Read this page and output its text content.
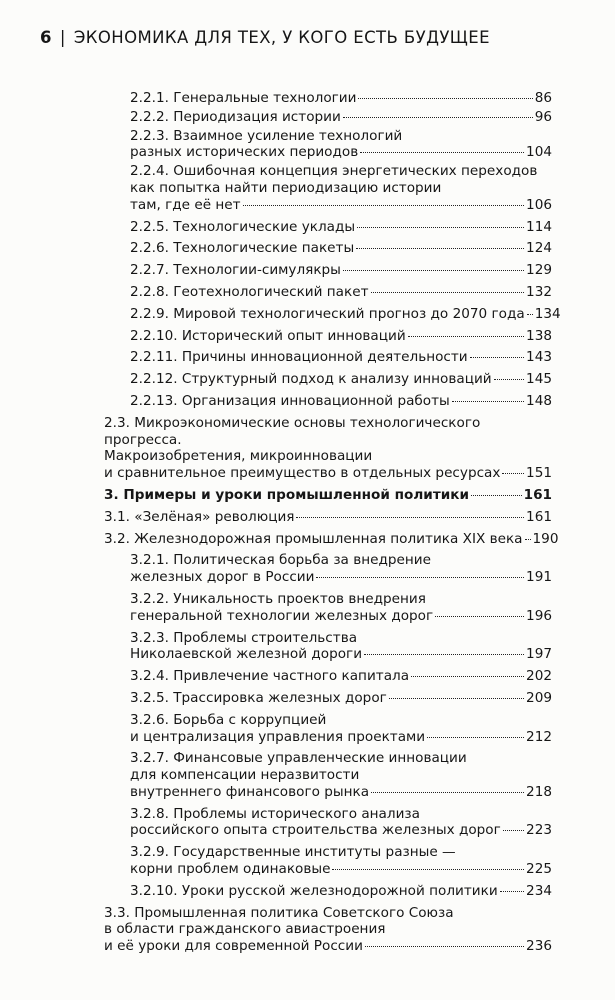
6 | ЭКОНОМИКА ДЛЯ ТЕХ, У КОГО ЕСТЬ БУДУЩЕЕ
2.2.1. Генеральные технологии	86
2.2.2. Периодизация истории	96
2.2.3. Взаимное усиление технологий
разных исторических периодов	104
2.2.4. Ошибочная концепция энергетических переходов
как попытка найти периодизацию истории
там, где её нет	106
2.2.5. Технологические уклады	114
2.2.6. Технологические пакеты	124
2.2.7. Технологии-симулякры	129
2.2.8. Геотехнологический пакет	132
2.2.9. Мировой технологический прогноз до 2070 года 134
2.2.10. Исторический опыт инноваций	138
2.2.11. Причины инновационной деятельности	143
2.2.12. Структурный подход к анализу инноваций	145
2.2.13. Организация инновационной работы	148
2.3. Микроэкономические основы технологического прогресса.
Макроизобретения, микроинновации
и сравнительное преимущество в отдельных ресурсах 151
3. Примеры и уроки промышленной политики	161
3.1. «Зелёная» революция	161
3.2. Железнодорожная промышленная политика XIX века 190
3.2.1. Политическая борьба за внедрение
железных дорог в России	191
3.2.2. Уникальность проектов внедрения
генеральной технологии железных дорог	196
3.2.3. Проблемы строительства
Николаевской железной дороги	197
3.2.4. Привлечение частного капитала	202
3.2.5. Трассировка железных дорог	209
3.2.6. Борьба с коррупцией
и централизация управления проектами	212
3.2.7. Финансовые управленческие инновации
для компенсации неразвитости
внутреннего финансового рынка	218
3.2.8. Проблемы исторического анализа
российского опыта строительства железных дорог 223
3.2.9. Государственные институты разные —
корни проблем одинаковые	225
3.2.10. Уроки русской железнодорожной политики 234
3.3. Промышленная политика Советского Союза
в области гражданского авиастроения
и её уроки для современной России	236
